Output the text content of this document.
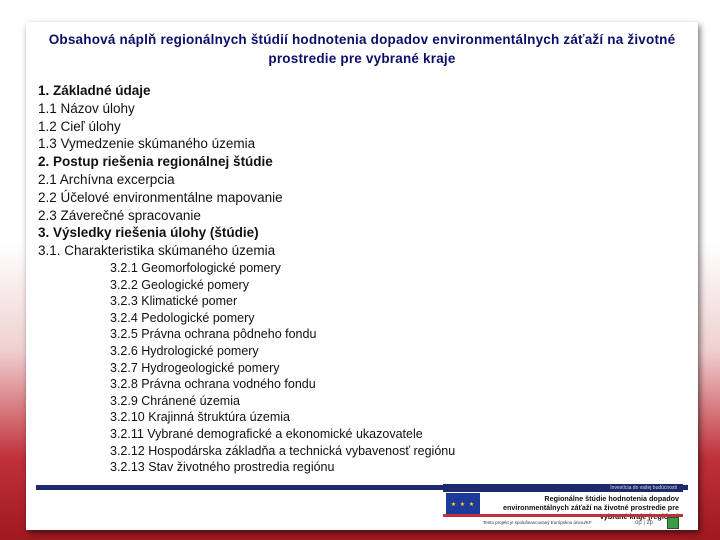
Obsahová náplň regionálnych štúdií hodnotenia dopadov environmentálnych záťaží na životné prostredie pre vybrané kraje
1. Základné údaje
1.1 Názov úlohy
1.2 Cieľ úlohy
1.3 Vymedzenie skúmaného územia
2. Postup riešenia regionálnej štúdie
2.1 Archívna excerpcia
2.2 Účelové environmentálne mapovanie
2.3 Záverečné spracovanie
3. Výsledky riešenia úlohy (štúdie)
3.1. Charakteristika skúmaného územia
3.2.1 Geomorfologické pomery
3.2.2 Geologické pomery
3.2.3 Klimatické pomer
3.2.4 Pedologické pomery
3.2.5 Právna ochrana pôdneho fondu
3.2.6 Hydrologické pomery
3.2.7 Hydrogeologické pomery
3.2.8 Právna ochrana vodného fondu
3.2.9 Chránené územia
3.2.10 Krajinná štruktúra územia
3.2.11 Vybrané demografické a ekonomické ukazovatele
3.2.12 Hospodárska základňa a technická vybavenosť regiónu
3.2.13 Stav životného prostredia regiónu
Investícia do vašej budúcnosti
★ ★ ★
Regionálne štúdie hodnotenia dopadov environmentálnych záťaží na životné prostredie pre
Tento projekt je spolufinancovaný Európskou úniou/KF	op | žp
